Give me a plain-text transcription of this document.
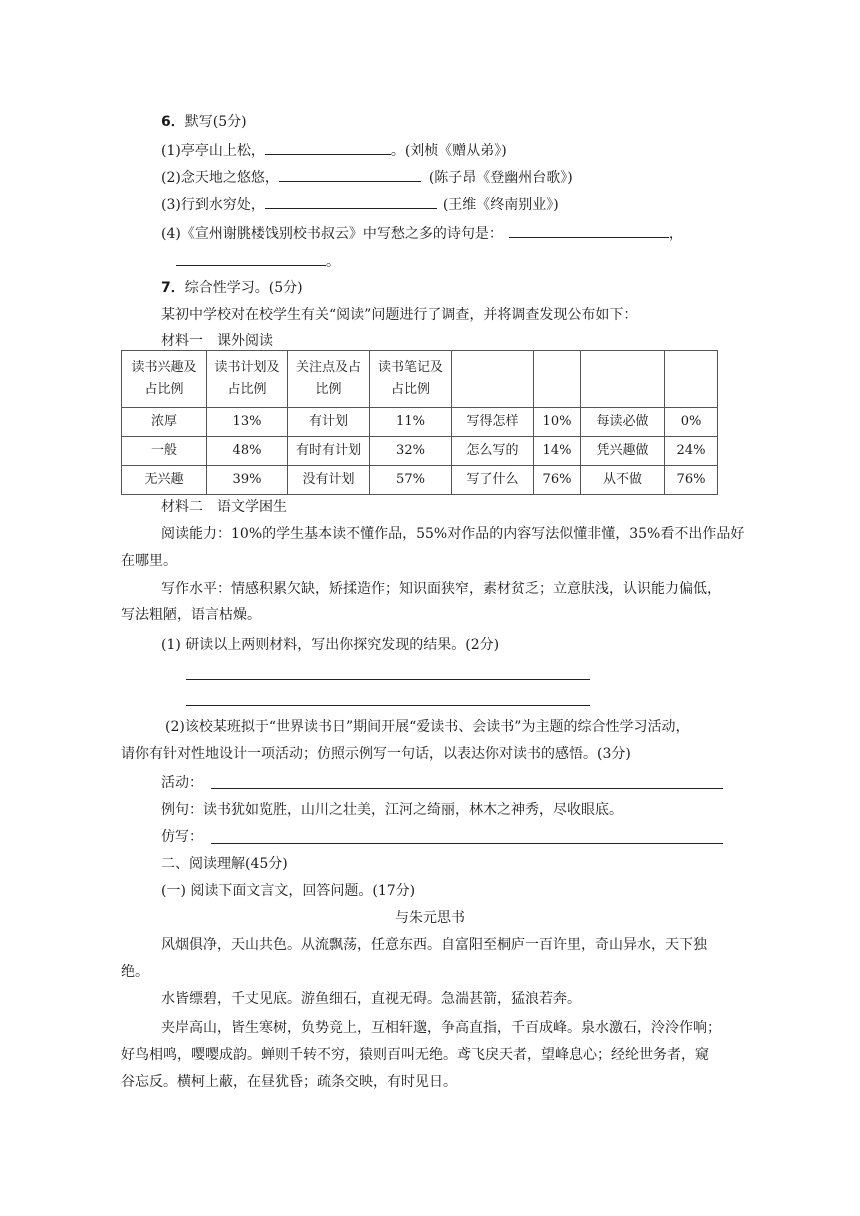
6．默写(5分)
(1)亭亭山上松，	。(刘桢《赠从弟》)
(2)念天地之悠悠，	(陈子昂《登幽州台歌》)
(3)行到水穷处，	(王维《终南别业》)
(4)《宣州谢朓楼饯别校书叔云》中写愁之多的诗句是：	，
。
7．综合性学习。(5分)
某初中学校对在校学生有关“阅读”问题进行了调查，并将调查发现公布如下：
材料一　课外阅读
读书兴趣及
占比例	读书计划及
占比例	关注点及占
比例	读书笔记及
占比例				
浓厚	13%	有计划	11%	写得怎样	10%	每读必做	0%
一般	48%	有时有计划	32%	怎么写的	14%	凭兴趣做	24%
无兴趣	39%	没有计划	57%	写了什么	76%	从不做	76%
材料二　语文学困生
阅读能力：10%的学生基本读不懂作品，55%对作品的内容写法似懂非懂，35%看不出作品好
在哪里。
写作水平：情感积累欠缺，矫揉造作；知识面狭窄，素材贫乏；立意肤浅，认识能力偏低，
写法粗陋，语言枯燥。
(1) 研读以上两则材料，写出你探究发现的结果。(2分)
(2)该校某班拟于“世界读书日”期间开展“爱读书、会读书”为主题的综合性学习活动，
请你有针对性地设计一项活动；仿照示例写一句话，以表达你对读书的感悟。(3分)
活动：
例句：读书犹如览胜，山川之壮美，江河之绮丽，林木之神秀，尽收眼底。
仿写：
二、阅读理解(45分)
(一) 阅读下面文言文，回答问题。(17分)
与朱元思书
风烟俱净，天山共色。从流飘荡，任意东西。自富阳至桐庐一百许里，奇山异水，天下独
绝。
水皆缥碧，千丈见底。游鱼细石，直视无碍。急湍甚箭，猛浪若奔。
夹岸高山，皆生寒树，负势竞上，互相轩邈，争高直指，千百成峰。泉水激石，泠泠作响；
好鸟相鸣，嘤嘤成韵。蝉则千转不穷，猿则百叫无绝。鸢飞戾天者，望峰息心；经纶世务者，窥
谷忘反。横柯上蔽，在昼犹昏；疏条交映，有时见日。
